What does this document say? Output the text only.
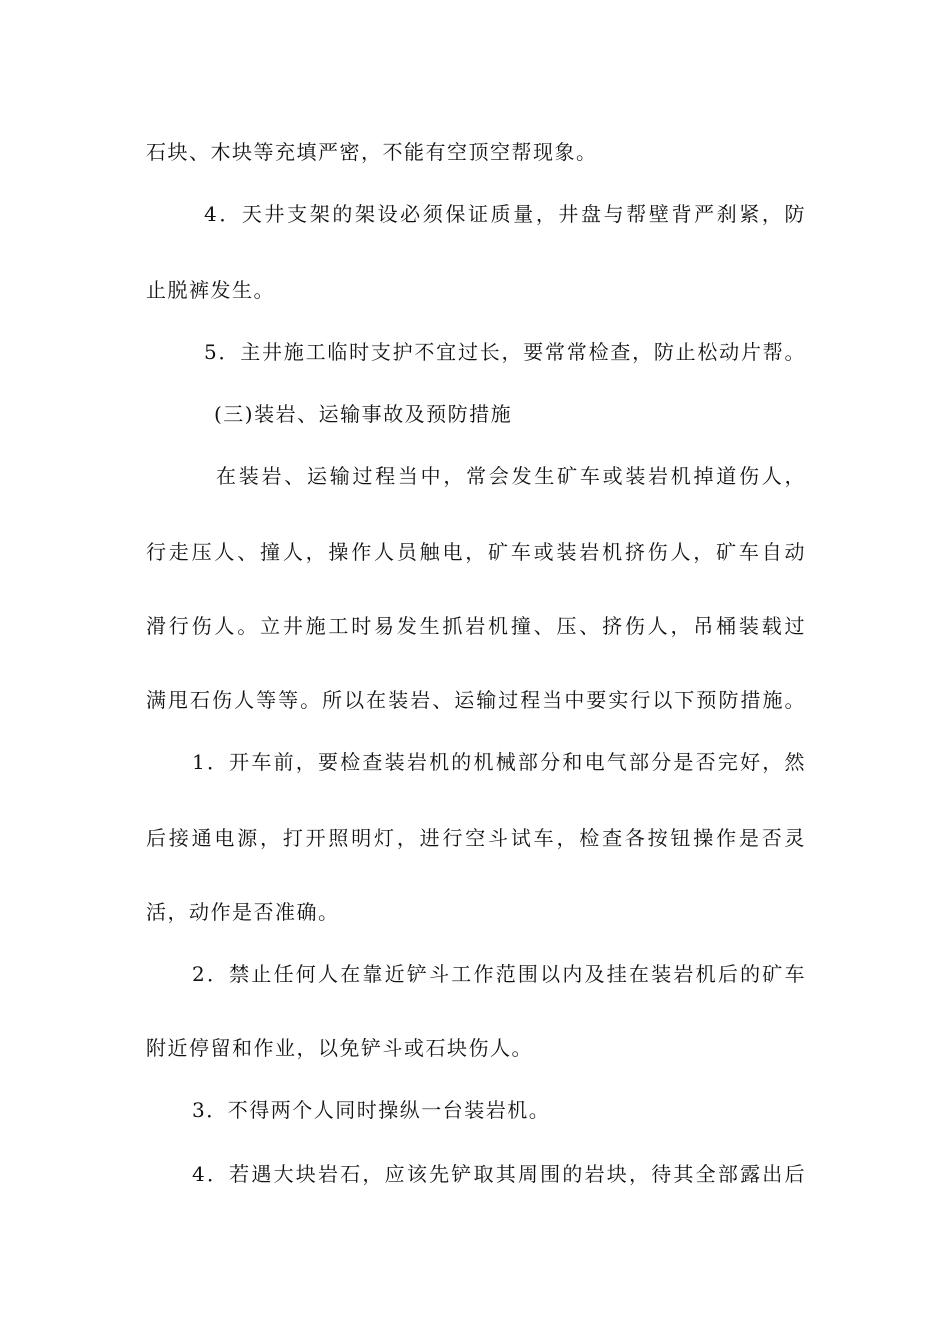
石块、木块等充填严密，不能有空顶空帮现象。

4．天井支架的架设必须保证质量，井盘与帮壁背严刹紧，防

止脱裤发生。

5．主井施工临时支护不宜过长，要常常检查，防止松动片帮。

(三)装岩、运输事故及预防措施

在装岩、运输过程当中，常会发生矿车或装岩机掉道伤人，

行走压人、撞人，操作人员触电，矿车或装岩机挤伤人，矿车自动

滑行伤人。立井施工时易发生抓岩机撞、压、挤伤人，吊桶装载过

满甩石伤人等等。所以在装岩、运输过程当中要实行以下预防措施。

1．开车前，要检查装岩机的机械部分和电气部分是否完好，然

后接通电源，打开照明灯，进行空斗试车，检查各按钮操作是否灵

活，动作是否准确。

2．禁止任何人在靠近铲斗工作范围以内及挂在装岩机后的矿车

附近停留和作业，以免铲斗或石块伤人。

3．不得两个人同时操纵一台装岩机。

4．若遇大块岩石，应该先铲取其周围的岩块，待其全部露出后
